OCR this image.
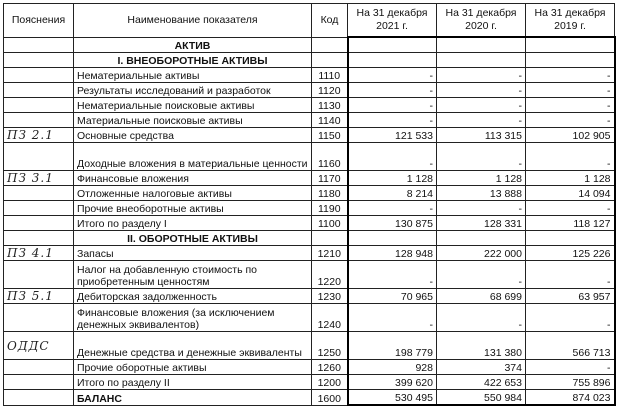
Пояснения	Наименование показателя	Код	На 31 декабря 2021 г.	На 31 декабря 2020 г.	На 31 декабря 2019 г.
	АКТИВ				
	I. ВНЕОБОРОТНЫЕ АКТИВЫ				
	Нематериальные активы	1110	-	-	-
	Результаты исследований и разработок	1120	-	-	-
	Нематериальные поисковые активы	1130	-	-	-
	Материальные поисковые активы	1140	-	-	-
ПЗ 2.1	Основные средства	1150	121 533	113 315	102 905
	Доходные вложения в материальные ценности	1160	-	-	-
ПЗ 3.1	Финансовые вложения	1170	1 128	1 128	1 128
	Отложенные налоговые активы	1180	8 214	13 888	14 094
	Прочие внеоборотные активы	1190	-	-	-
	Итого по разделу I	1100	130 875	128 331	118 127
	II. ОБОРОТНЫЕ АКТИВЫ				
ПЗ 4.1	Запасы	1210	128 948	222 000	125 226
	Налог на добавленную стоимость по приобретенным ценностям	1220	-	-	-
ПЗ 5.1	Дебиторская задолженность	1230	70 965	68 699	63 957
	Финансовые вложения (за исключением денежных эквивалентов)	1240	-	-	-
ОДДС	Денежные средства и денежные эквиваленты	1250	198 779	131 380	566 713
	Прочие оборотные активы	1260	928	374	-
	Итого по разделу II	1200	399 620	422 653	755 896
	БАЛАНС	1600	530 495	550 984	874 023
